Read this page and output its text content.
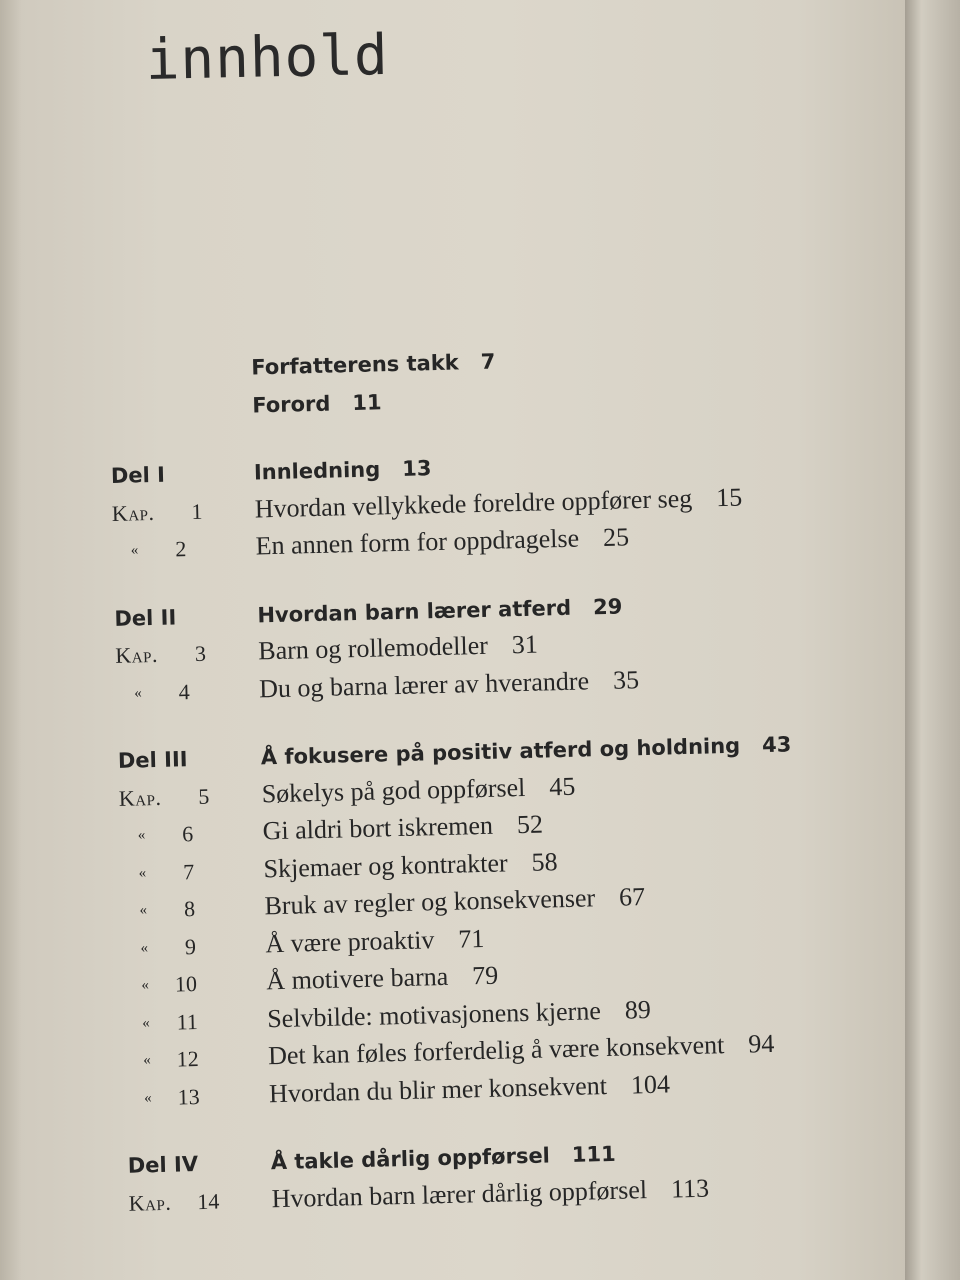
innhold
Forfatterens takk 7
Forord 11
Del I	Innledning 13
Kap. 1	Hvordan vellykkede foreldre oppfører seg 15
« 2	En annen form for oppdragelse 25
Del II	Hvordan barn lærer atferd 29
Kap. 3	Barn og rollemodeller 31
« 4	Du og barna lærer av hverandre 35
Del III	Å fokusere på positiv atferd og holdning 43
Kap. 5	Søkelys på god oppførsel 45
« 6	Gi aldri bort iskremen 52
« 7	Skjemaer og kontrakter 58
« 8	Bruk av regler og konsekvenser 67
« 9	Å være proaktiv 71
« 10	Å motivere barna 79
« 11	Selvbilde: motivasjonens kjerne 89
« 12	Det kan føles forferdelig å være konsekvent 94
« 13	Hvordan du blir mer konsekvent 104
Del IV	Å takle dårlig oppførsel 111
Kap. 14	Hvordan barn lærer dårlig oppførsel 113
